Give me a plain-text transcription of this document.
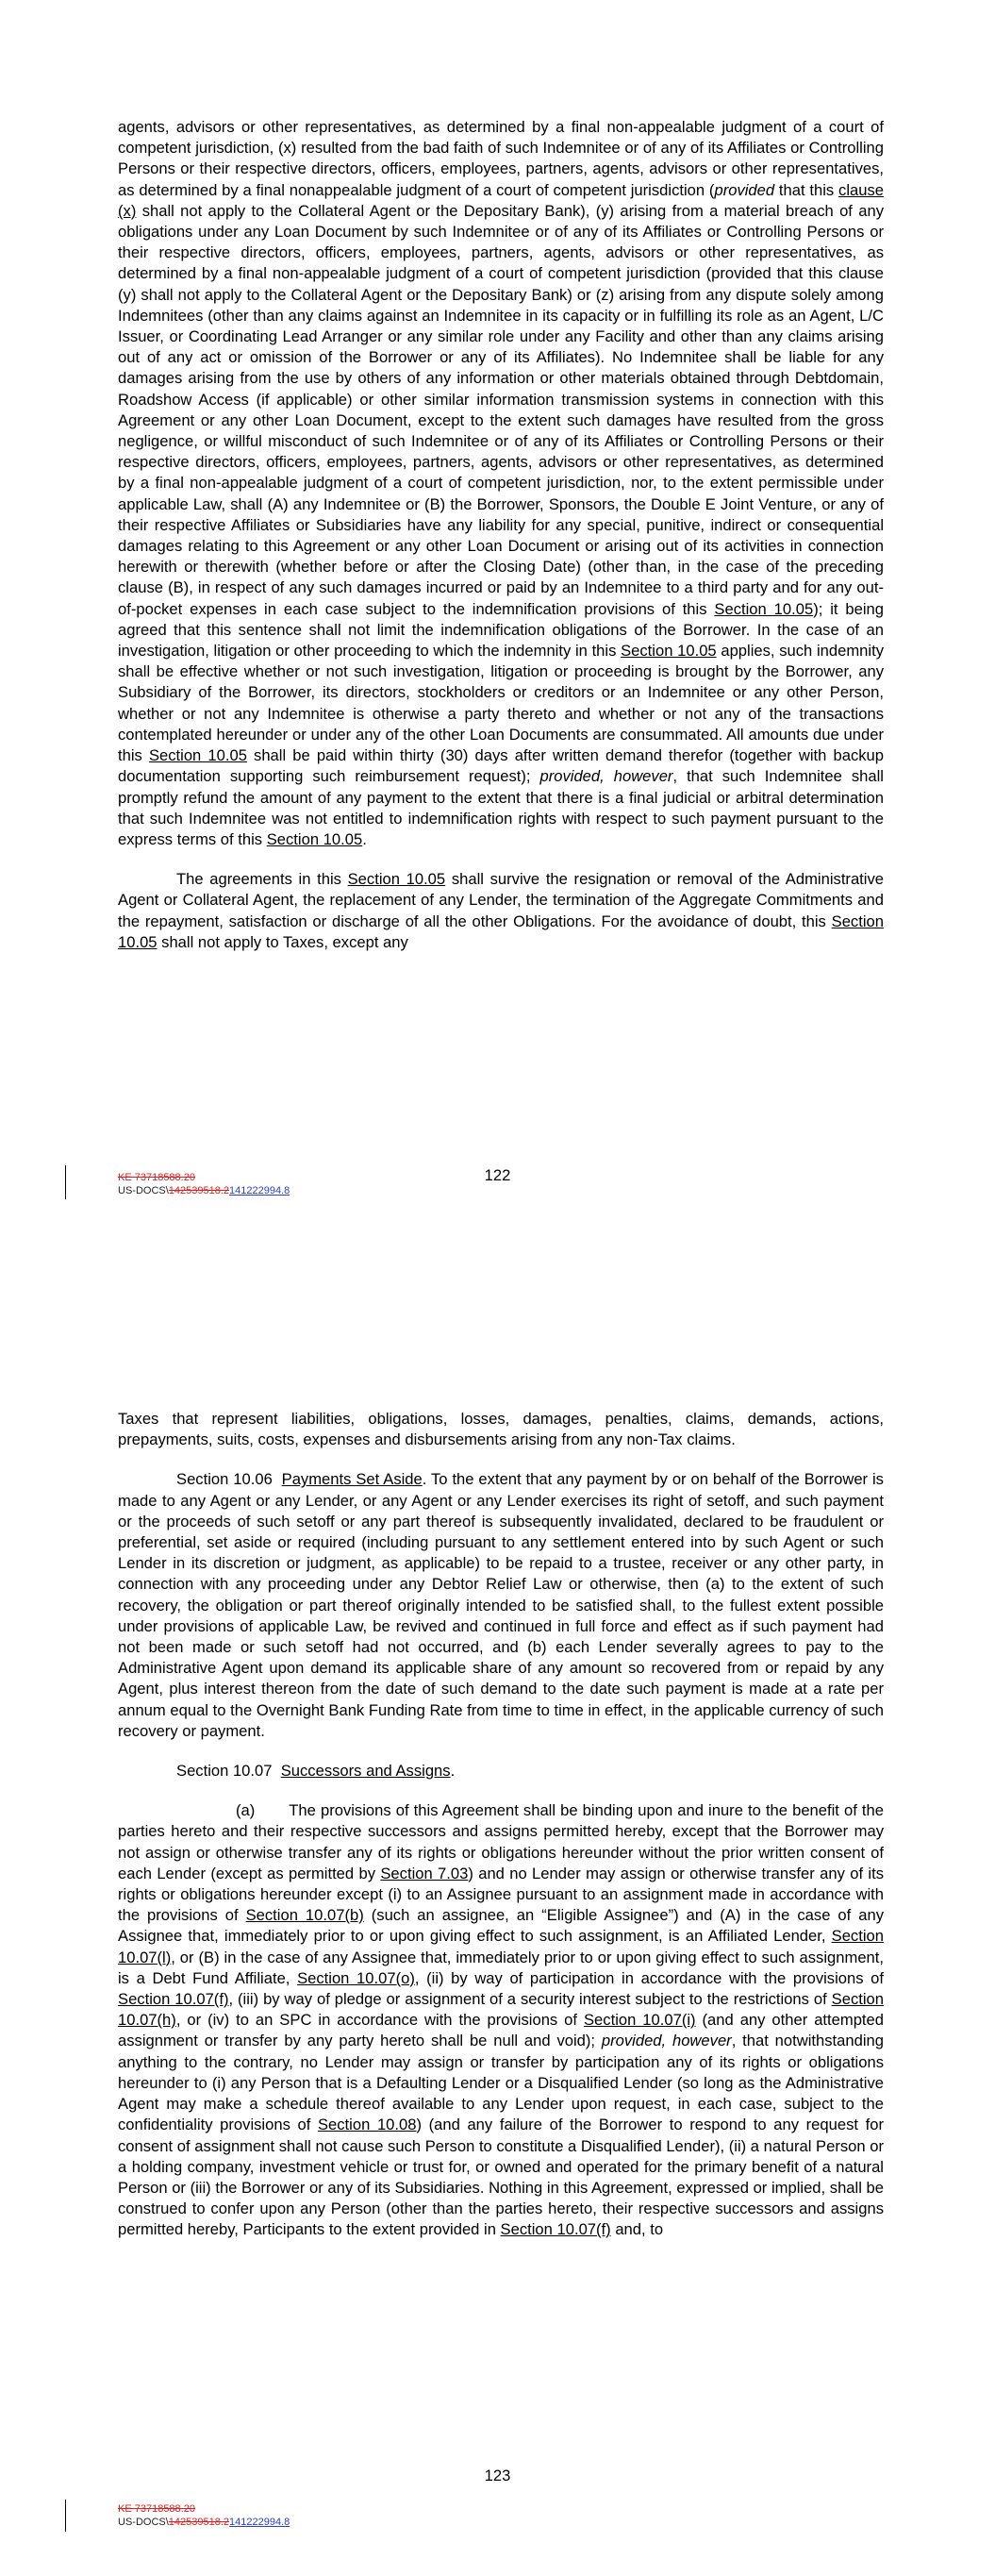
agents, advisors or other representatives, as determined by a final non-appealable judgment of a court of competent jurisdiction, (x) resulted from the bad faith of such Indemnitee or of any of its Affiliates or Controlling Persons or their respective directors, officers, employees, partners, agents, advisors or other representatives, as determined by a final nonappealable judgment of a court of competent jurisdiction (provided that this clause (x) shall not apply to the Collateral Agent or the Depositary Bank), (y) arising from a material breach of any obligations under any Loan Document by such Indemnitee or of any of its Affiliates or Controlling Persons or their respective directors, officers, employees, partners, agents, advisors or other representatives, as determined by a final non-appealable judgment of a court of competent jurisdiction (provided that this clause (y) shall not apply to the Collateral Agent or the Depositary Bank) or (z) arising from any dispute solely among Indemnitees (other than any claims against an Indemnitee in its capacity or in fulfilling its role as an Agent, L/C Issuer, or Coordinating Lead Arranger or any similar role under any Facility and other than any claims arising out of any act or omission of the Borrower or any of its Affiliates). No Indemnitee shall be liable for any damages arising from the use by others of any information or other materials obtained through Debtdomain, Roadshow Access (if applicable) or other similar information transmission systems in connection with this Agreement or any other Loan Document, except to the extent such damages have resulted from the gross negligence, or willful misconduct of such Indemnitee or of any of its Affiliates or Controlling Persons or their respective directors, officers, employees, partners, agents, advisors or other representatives, as determined by a final non-appealable judgment of a court of competent jurisdiction, nor, to the extent permissible under applicable Law, shall (A) any Indemnitee or (B) the Borrower, Sponsors, the Double E Joint Venture, or any of their respective Affiliates or Subsidiaries have any liability for any special, punitive, indirect or consequential damages relating to this Agreement or any other Loan Document or arising out of its activities in connection herewith or therewith (whether before or after the Closing Date) (other than, in the case of the preceding clause (B), in respect of any such damages incurred or paid by an Indemnitee to a third party and for any out-of-pocket expenses in each case subject to the indemnification provisions of this Section 10.05); it being agreed that this sentence shall not limit the indemnification obligations of the Borrower. In the case of an investigation, litigation or other proceeding to which the indemnity in this Section 10.05 applies, such indemnity shall be effective whether or not such investigation, litigation or proceeding is brought by the Borrower, any Subsidiary of the Borrower, its directors, stockholders or creditors or an Indemnitee or any other Person, whether or not any Indemnitee is otherwise a party thereto and whether or not any of the transactions contemplated hereunder or under any of the other Loan Documents are consummated. All amounts due under this Section 10.05 shall be paid within thirty (30) days after written demand therefor (together with backup documentation supporting such reimbursement request); provided, however, that such Indemnitee shall promptly refund the amount of any payment to the extent that there is a final judicial or arbitral determination that such Indemnitee was not entitled to indemnification rights with respect to such payment pursuant to the express terms of this Section 10.05.

The agreements in this Section 10.05 shall survive the resignation or removal of the Administrative Agent or Collateral Agent, the replacement of any Lender, the termination of the Aggregate Commitments and the repayment, satisfaction or discharge of all the other Obligations. For the avoidance of doubt, this Section 10.05 shall not apply to Taxes, except any

122
KE 73718588.20
US-DOCS\142539518.2141222994.8

Taxes that represent liabilities, obligations, losses, damages, penalties, claims, demands, actions, prepayments, suits, costs, expenses and disbursements arising from any non-Tax claims.

Section 10.06 Payments Set Aside. To the extent that any payment by or on behalf of the Borrower is made to any Agent or any Lender, or any Agent or any Lender exercises its right of setoff, and such payment or the proceeds of such setoff or any part thereof is subsequently invalidated, declared to be fraudulent or preferential, set aside or required (including pursuant to any settlement entered into by such Agent or such Lender in its discretion or judgment, as applicable) to be repaid to a trustee, receiver or any other party, in connection with any proceeding under any Debtor Relief Law or otherwise, then (a) to the extent of such recovery, the obligation or part thereof originally intended to be satisfied shall, to the fullest extent possible under provisions of applicable Law, be revived and continued in full force and effect as if such payment had not been made or such setoff had not occurred, and (b) each Lender severally agrees to pay to the Administrative Agent upon demand its applicable share of any amount so recovered from or repaid by any Agent, plus interest thereon from the date of such demand to the date such payment is made at a rate per annum equal to the Overnight Bank Funding Rate from time to time in effect, in the applicable currency of such recovery or payment.

Section 10.07 Successors and Assigns.

(a) The provisions of this Agreement shall be binding upon and inure to the benefit of the parties hereto and their respective successors and assigns permitted hereby, except that the Borrower may not assign or otherwise transfer any of its rights or obligations hereunder without the prior written consent of each Lender (except as permitted by Section 7.03) and no Lender may assign or otherwise transfer any of its rights or obligations hereunder except (i) to an Assignee pursuant to an assignment made in accordance with the provisions of Section 10.07(b) (such an assignee, an “Eligible Assignee”) and (A) in the case of any Assignee that, immediately prior to or upon giving effect to such assignment, is an Affiliated Lender, Section 10.07(l), or (B) in the case of any Assignee that, immediately prior to or upon giving effect to such assignment, is a Debt Fund Affiliate, Section 10.07(o), (ii) by way of participation in accordance with the provisions of Section 10.07(f), (iii) by way of pledge or assignment of a security interest subject to the restrictions of Section 10.07(h), or (iv) to an SPC in accordance with the provisions of Section 10.07(i) (and any other attempted assignment or transfer by any party hereto shall be null and void); provided, however, that notwithstanding anything to the contrary, no Lender may assign or transfer by participation any of its rights or obligations hereunder to (i) any Person that is a Defaulting Lender or a Disqualified Lender (so long as the Administrative Agent may make a schedule thereof available to any Lender upon request, in each case, subject to the confidentiality provisions of Section 10.08) (and any failure of the Borrower to respond to any request for consent of assignment shall not cause such Person to constitute a Disqualified Lender), (ii) a natural Person or a holding company, investment vehicle or trust for, or owned and operated for the primary benefit of a natural Person or (iii) the Borrower or any of its Subsidiaries. Nothing in this Agreement, expressed or implied, shall be construed to confer upon any Person (other than the parties hereto, their respective successors and assigns permitted hereby, Participants to the extent provided in Section 10.07(f) and, to

123
KE 73718588.20
US-DOCS\142539518.2141222994.8
